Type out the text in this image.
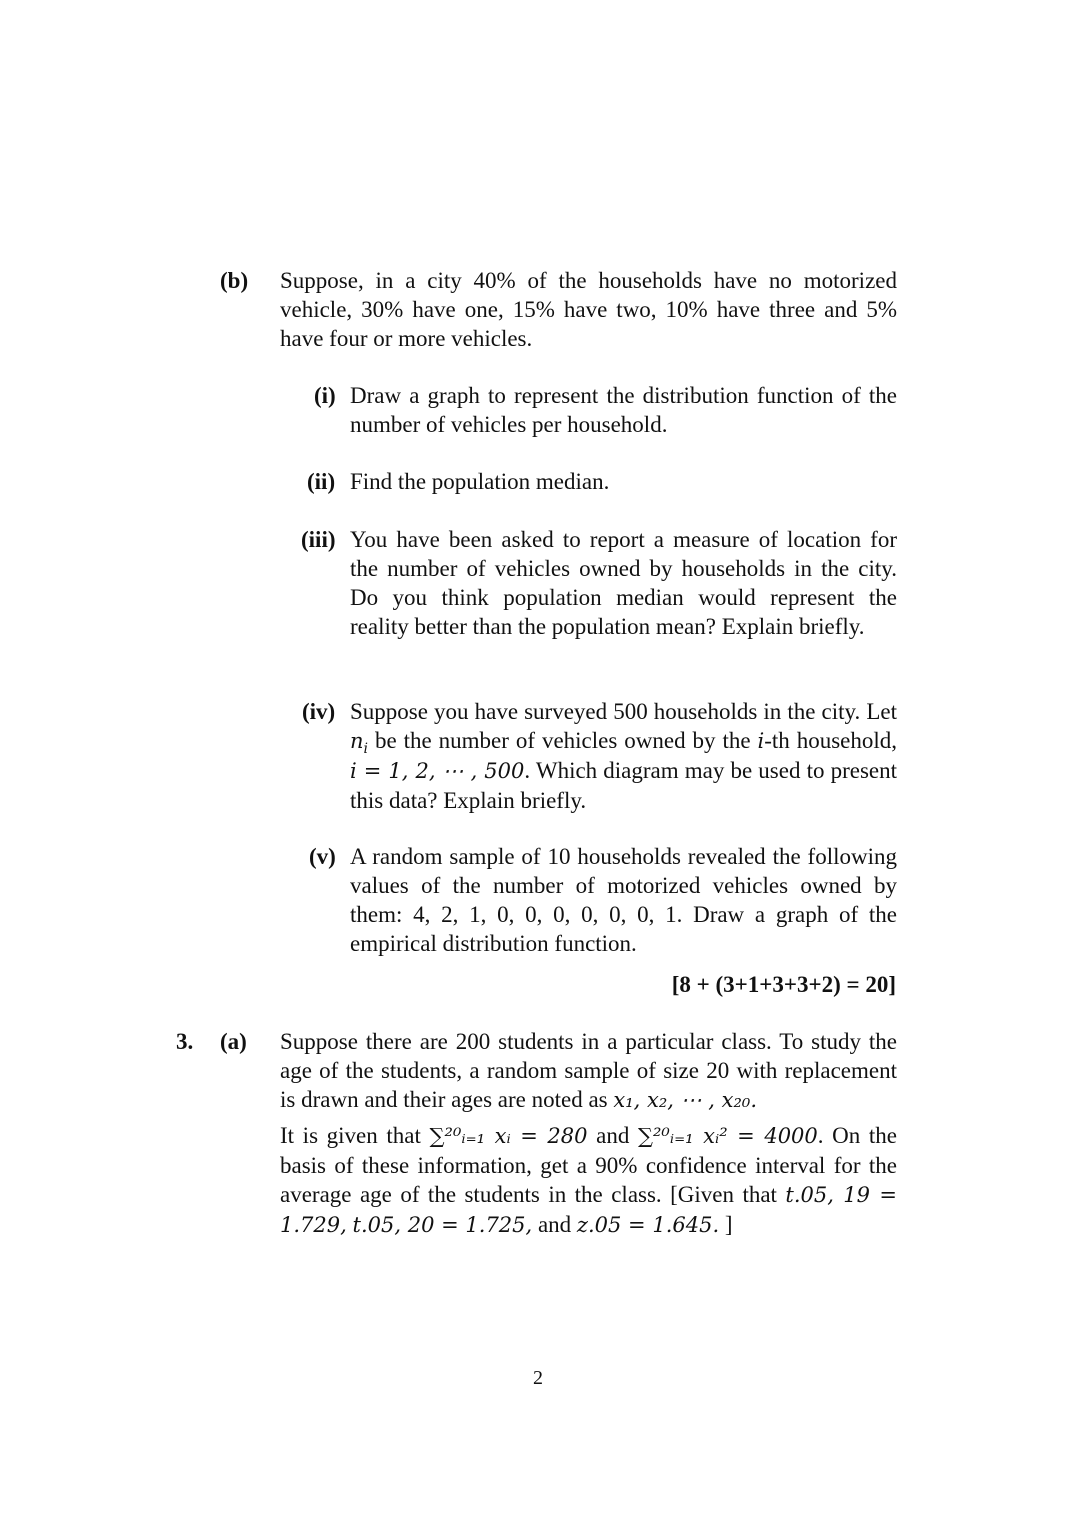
(b) Suppose, in a city 40% of the households have no motorized vehicle, 30% have one, 15% have two, 10% have three and 5% have four or more vehicles.

(i) Draw a graph to represent the distribution function of the number of vehicles per household.

(ii) Find the population median.

(iii) You have been asked to report a measure of location for the number of vehicles owned by households in the city. Do you think population median would represent the reality better than the population mean? Explain briefly.

(iv) Suppose you have surveyed 500 households in the city. Let $n_i$ be the number of vehicles owned by the i-th household, i = 1, 2, ⋯ , 500. Which diagram may be used to present this data? Explain briefly.

(v) A random sample of 10 households revealed the following values of the number of motorized vehicles owned by them: 4, 2, 1, 0, 0, 0, 0, 0, 0, 1. Draw a graph of the empirical distribution function.

[8 + (3+1+3+3+2) = 20]
3. (a) Suppose there are 200 students in a particular class. To study the age of the students, a random sample of size 20 with replacement is drawn and their ages are noted as x₁, x₂, ⋯ , x₂₀.

It is given that ∑²⁰ᵢ₌₁ xᵢ = 280 and ∑²⁰ᵢ₌₁ xᵢ² = 4000. On the basis of these information, get a 90% confidence interval for the average age of the students in the class. [Given that t.05, 19 = 1.729, t.05, 20 = 1.725, and z.05 = 1.645. ]

2
